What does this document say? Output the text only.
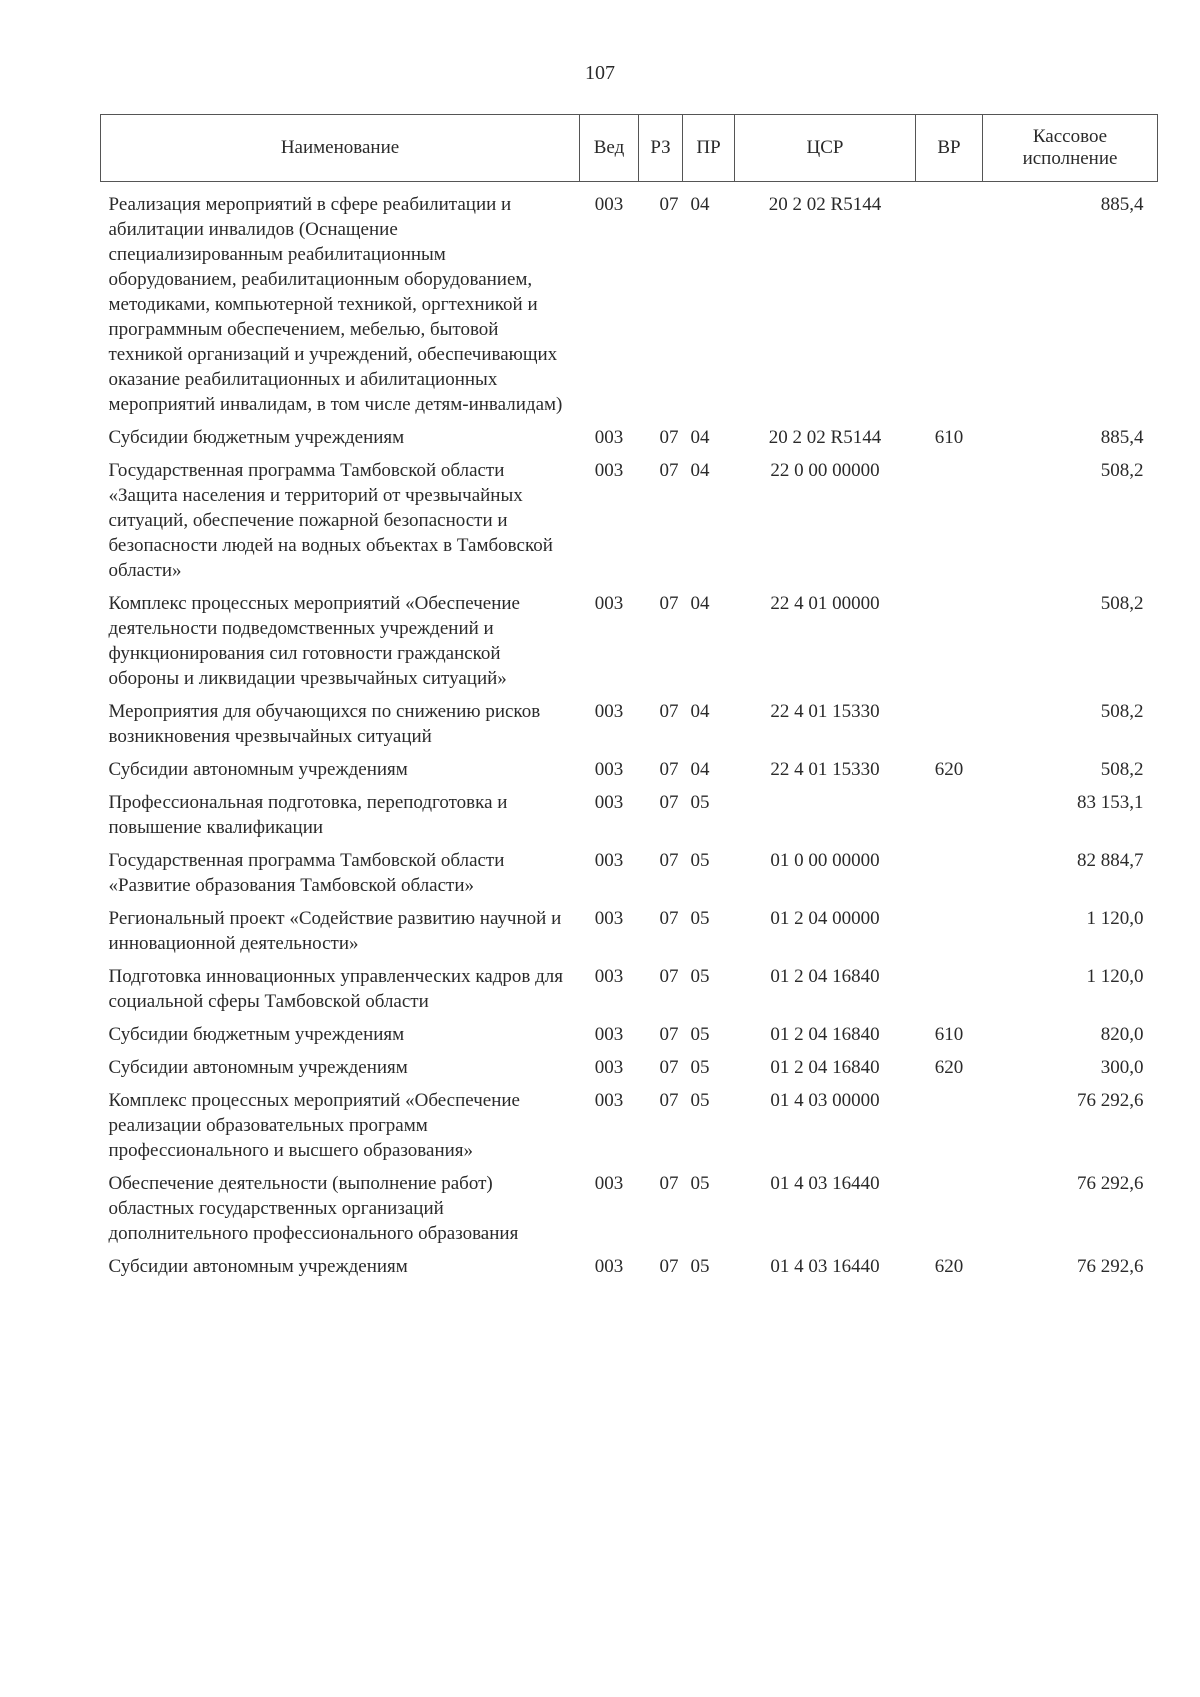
107
Наименование	Вед	РЗ	ПР	ЦСР	ВР	Кассовое исполнение

Реализация мероприятий в сфере реабилитации и абилитации инвалидов (Оснащение специализированным реабилитационным оборудованием, реабилитационным оборудованием, методиками, компьютерной техникой, оргтехникой и программным обеспечением, мебелью, бытовой техникой организаций и учреждений, обеспечивающих оказание реабилитационных и абилитационных мероприятий инвалидам, в том числе детям-инвалидам)	003	07	04	20 2 02 R5144		885,4

Субсидии бюджетным учреждениям	003	07	04	20 2 02 R5144	610	885,4

Государственная программа Тамбовской области «Защита населения и территорий от чрезвычайных ситуаций, обеспечение пожарной безопасности и безопасности людей на водных объектах в Тамбовской области»	003	07	04	22 0 00 00000		508,2

Комплекс процессных мероприятий «Обеспечение деятельности подведомственных учреждений и функционирования сил готовности гражданской обороны и ликвидации чрезвычайных ситуаций»	003	07	04	22 4 01 00000		508,2

Мероприятия для обучающихся по снижению рисков возникновения чрезвычайных ситуаций	003	07	04	22 4 01 15330		508,2

Субсидии автономным учреждениям	003	07	04	22 4 01 15330	620	508,2

Профессиональная подготовка, переподготовка и повышение квалификации	003	07	05			83 153,1

Государственная программа Тамбовской области «Развитие образования Тамбовской области»	003	07	05	01 0 00 00000		82 884,7

Региональный проект «Содействие развитию научной и инновационной деятельности»	003	07	05	01 2 04 00000		1 120,0

Подготовка инновационных управленческих кадров для социальной сферы Тамбовской области	003	07	05	01 2 04 16840		1 120,0

Субсидии бюджетным учреждениям	003	07	05	01 2 04 16840	610	820,0

Субсидии автономным учреждениям	003	07	05	01 2 04 16840	620	300,0

Комплекс процессных мероприятий «Обеспечение реализации образовательных программ профессионального и высшего образования»	003	07	05	01 4 03 00000		76 292,6

Обеспечение деятельности (выполнение работ) областных государственных организаций дополнительного профессионального образования	003	07	05	01 4 03 16440		76 292,6

Субсидии автономным учреждениям	003	07	05	01 4 03 16440	620	76 292,6
